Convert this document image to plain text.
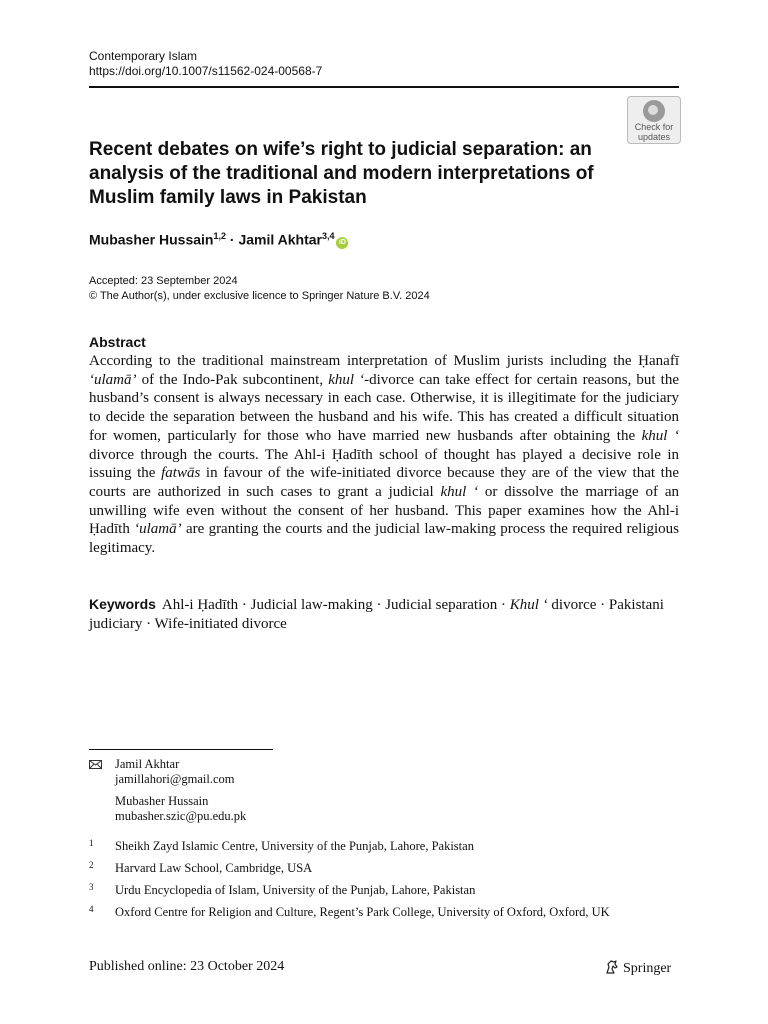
Contemporary Islam
https://doi.org/10.1007/s11562-024-00568-7
Check for
updates
Recent debates on wife’s right to judicial separation: an analysis of the traditional and modern interpretations of Muslim family laws in Pakistan
Mubasher Hussain$^{1,2}$ · Jamil Akhtar$^{3,4}$iD
Accepted: 23 September 2024
© The Author(s), under exclusive licence to Springer Nature B.V. 2024
Abstract

According to the traditional mainstream interpretation of Muslim jurists including the Ḥanafī ‘ulamā’ of the Indo-Pak subcontinent, khul ‘-divorce can take effect for certain reasons, but the husband’s consent is always necessary in each case. Otherwise, it is illegitimate for the judiciary to decide the separation between the husband and his wife. This has created a difficult situation for women, particularly for those who have married new husbands after obtaining the khul ‘ divorce through the courts. The Ahl-i Ḥadīth school of thought has played a decisive role in issuing the fatwās in favour of the wife-initiated divorce because they are of the view that the courts are authorized in such cases to grant a judicial khul ‘ or dissolve the marriage of an unwilling wife even without the consent of her husband. This paper examines how the Ahl-i Ḥadīth ‘ulamā’ are granting the courts and the judicial law-making process the required religious legitimacy.

Keywords Ahl-i Ḥadīth · Judicial law-making · Judicial separation · Khul ‘ divorce · Pakistani judiciary · Wife-initiated divorce
Jamil Akhtar
jamillahori@gmail.com
Mubasher Hussain
mubasher.szic@pu.edu.pk
1 Sheikh Zayd Islamic Centre, University of the Punjab, Lahore, Pakistan
2 Harvard Law School, Cambridge, USA
3 Urdu Encyclopedia of Islam, University of the Punjab, Lahore, Pakistan
4 Oxford Centre for Religion and Culture, Regent’s Park College, University of Oxford, Oxford, UK
Published online: 23 October 2024	Springer
